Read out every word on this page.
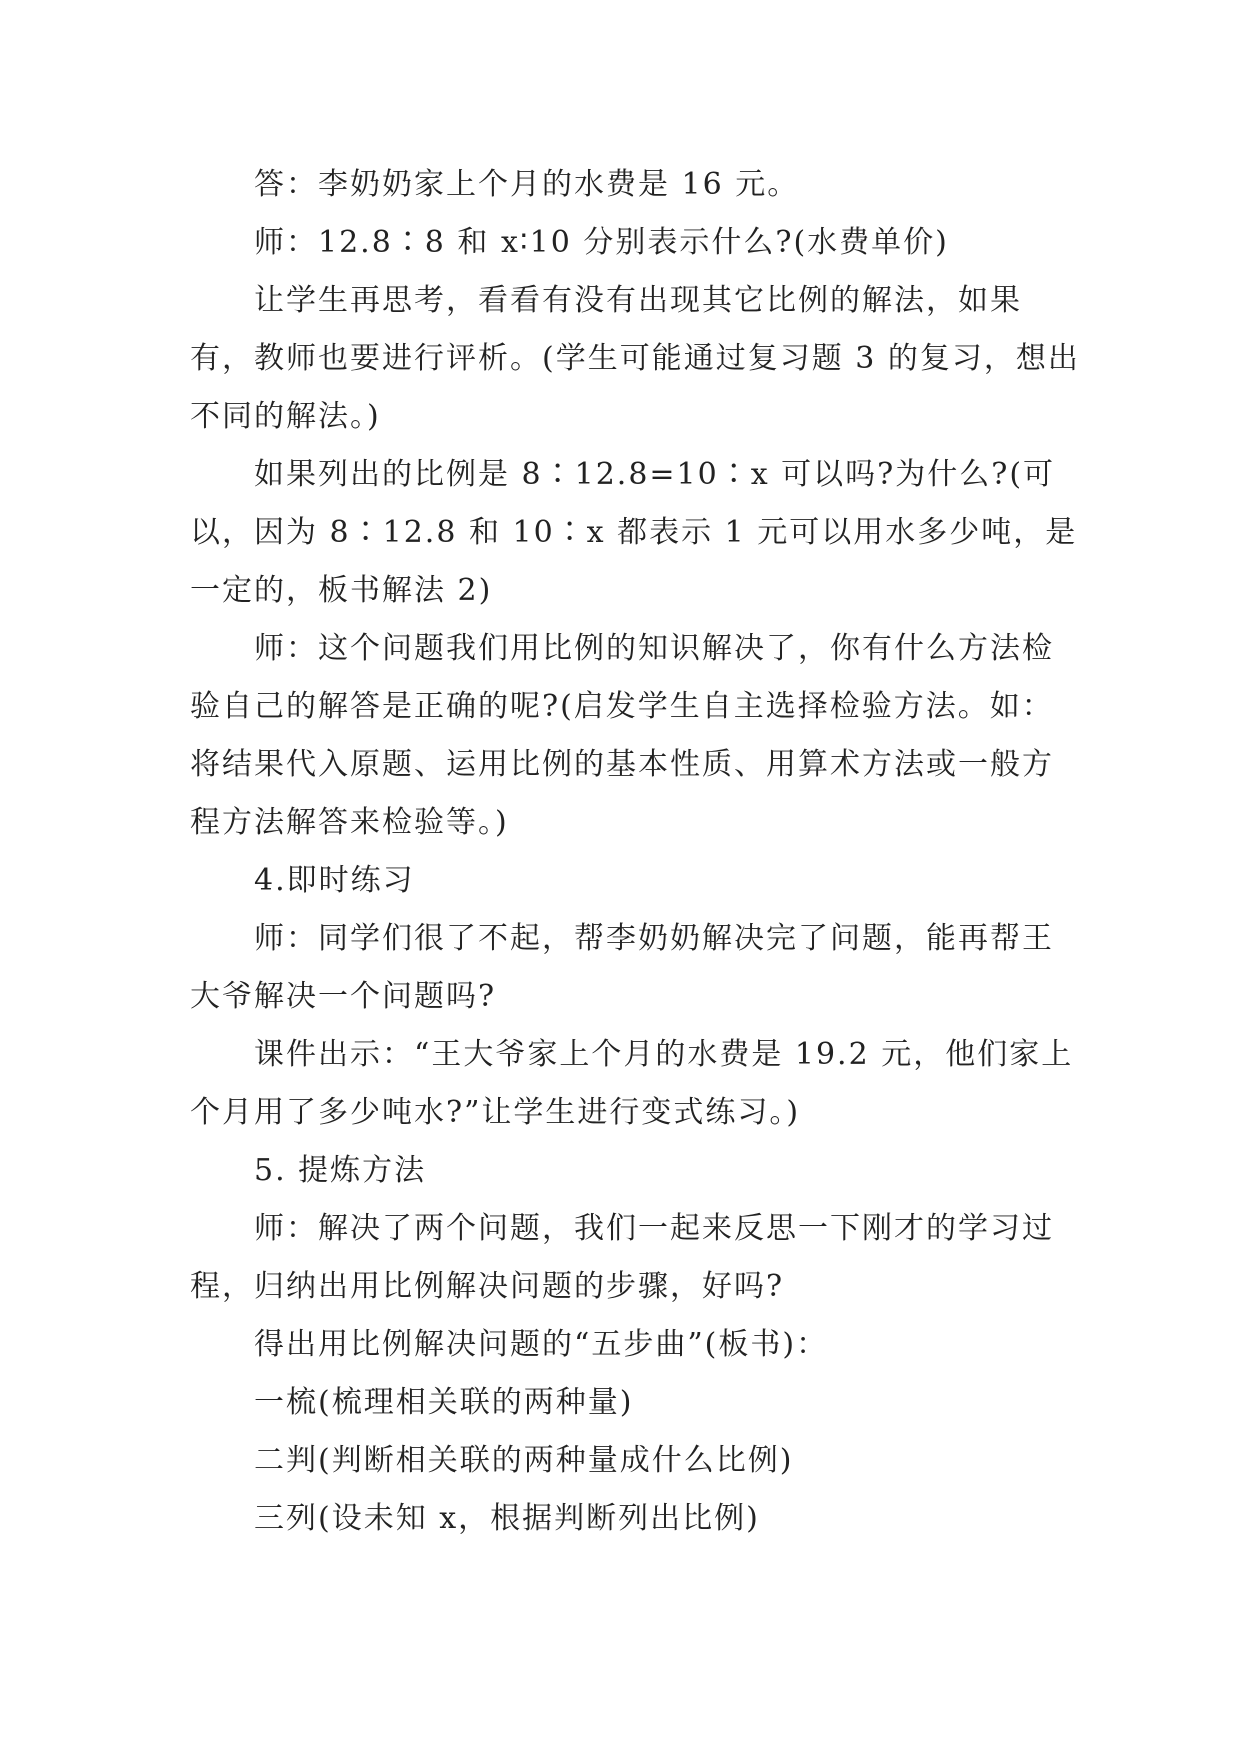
答：李奶奶家上个月的水费是 16 元。

师：12.8∶8 和 x∶10 分别表示什么?(水费单价)

让学生再思考，看看有没有出现其它比例的解法，如果有，教师也要进行评析。(学生可能通过复习题 3 的复习，想出不同的解法。)

如果列出的比例是 8∶12.8=10∶x 可以吗?为什么?(可以，因为 8∶12.8 和 10∶x 都表示 1 元可以用水多少吨，是一定的，板书解法 2)

师：这个问题我们用比例的知识解决了，你有什么方法检验自己的解答是正确的呢?(启发学生自主选择检验方法。如：将结果代入原题、运用比例的基本性质、用算术方法或一般方程方法解答来检验等。)

4.即时练习

师：同学们很了不起，帮李奶奶解决完了问题，能再帮王大爷解决一个问题吗?

课件出示：“王大爷家上个月的水费是 19.2 元，他们家上个月用了多少吨水?”让学生进行变式练习。)

5. 提炼方法

师：解决了两个问题，我们一起来反思一下刚才的学习过程，归纳出用比例解决问题的步骤，好吗?

得出用比例解决问题的“五步曲”(板书)：

一梳(梳理相关联的两种量)

二判(判断相关联的两种量成什么比例)

三列(设未知 x，根据判断列出比例)
